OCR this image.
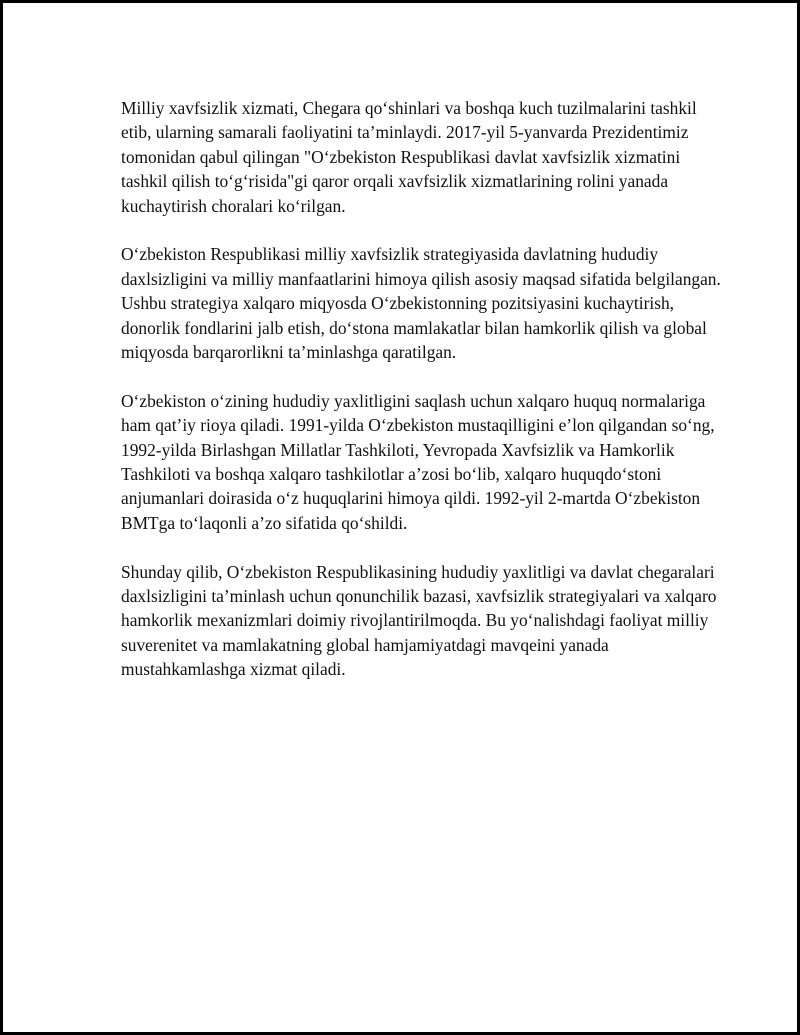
Milliy xavfsizlik xizmati, Chegara qo‘shinlari va boshqa kuch tuzilmalarini tashkil etib, ularning samarali faoliyatini ta’minlaydi. 2017-yil 5-yanvarda Prezidentimiz tomonidan qabul qilingan "O‘zbekiston Respublikasi davlat xavfsizlik xizmatini tashkil qilish to‘g‘risida"gi qaror orqali xavfsizlik xizmatlarining rolini yanada kuchaytirish choralari ko‘rilgan.

O‘zbekiston Respublikasi milliy xavfsizlik strategiyasida davlatning hududiy daxlsizligini va milliy manfaatlarini himoya qilish asosiy maqsad sifatida belgilangan. Ushbu strategiya xalqaro miqyosda O‘zbekistonning pozitsiyasini kuchaytirish, donorlik fondlarini jalb etish, do‘stona mamlakatlar bilan hamkorlik qilish va global miqyosda barqarorlikni ta’minlashga qaratilgan.

O‘zbekiston o‘zining hududiy yaxlitligini saqlash uchun xalqaro huquq normalariga ham qat’iy rioya qiladi. 1991-yilda O‘zbekiston mustaqilligini e’lon qilgandan so‘ng, 1992-yilda Birlashgan Millatlar Tashkiloti, Yevropada Xavfsizlik va Hamkorlik Tashkiloti va boshqa xalqaro tashkilotlar a’zosi bo‘lib, xalqaro huquqdo‘stoni anjumanlari doirasida o‘z huquqlarini himoya qildi. 1992-yil 2-martda O‘zbekiston BMTga to‘laqonli a’zo sifatida qo‘shildi.

Shunday qilib, O‘zbekiston Respublikasining hududiy yaxlitligi va davlat chegaralari daxlsizligini ta’minlash uchun qonunchilik bazasi, xavfsizlik strategiyalari va xalqaro hamkorlik mexanizmlari doimiy rivojlantirilmoqda. Bu yo‘nalishdagi faoliyat milliy suverenitet va mamlakatning global hamjamiyatdagi mavqeini yanada mustahkamlashga xizmat qiladi.
